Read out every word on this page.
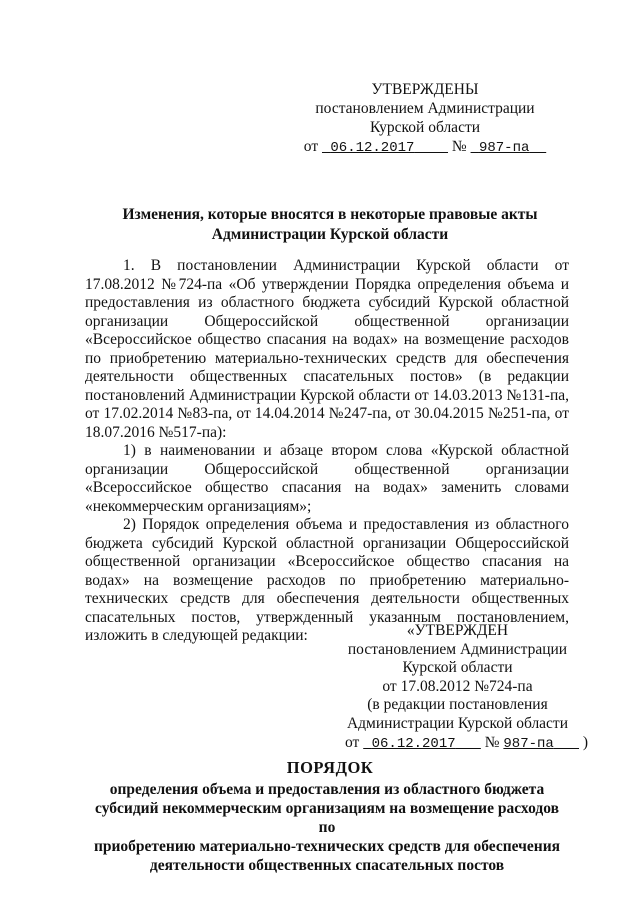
УТВЕРЖДЕНЫ
постановлением Администрации
Курской области
от 06.12.2017 № 987-па
Изменения, которые вносятся в некоторые правовые акты
Администрации Курской области

1. В постановлении Администрации Курской области от 17.08.2012 №724-па «Об утверждении Порядка определения объема и предоставления из областного бюджета субсидий Курской областной организации Общероссийской общественной организации «Всероссийское общество спасания на водах» на возмещение расходов по приобретению материально-технических средств для обеспечения деятельности общественных спасательных постов» (в редакции постановлений Администрации Курской области от 14.03.2013 №131-па, от 17.02.2014 №83-па, от 14.04.2014 №247-па, от 30.04.2015 №251-па, от 18.07.2016 №517-па):

1) в наименовании и абзаце втором слова «Курской областной организации Общероссийской общественной организации «Всероссийское общество спасания на водах» заменить словами «некоммерческим организациям»;

2) Порядок определения объема и предоставления из областного бюджета субсидий Курской областной организации Общероссийской общественной организации «Всероссийское общество спасания на водах» на возмещение расходов по приобретению материально-технических средств для обеспечения деятельности общественных спасательных постов, утвержденный указанным постановлением, изложить в следующей редакции:	«УТВЕРЖДЕН
постановлением Администрации
Курской области
от 17.08.2012 №724-па
(в редакции постановления
Администрации Курской области
от 06.12.2017 № 987-па )
ПОРЯДОК
определения объема и предоставления из областного бюджета
субсидий некоммерческим организациям на возмещение расходов по
приобретению материально-технических средств для обеспечения
деятельности общественных спасательных постов
